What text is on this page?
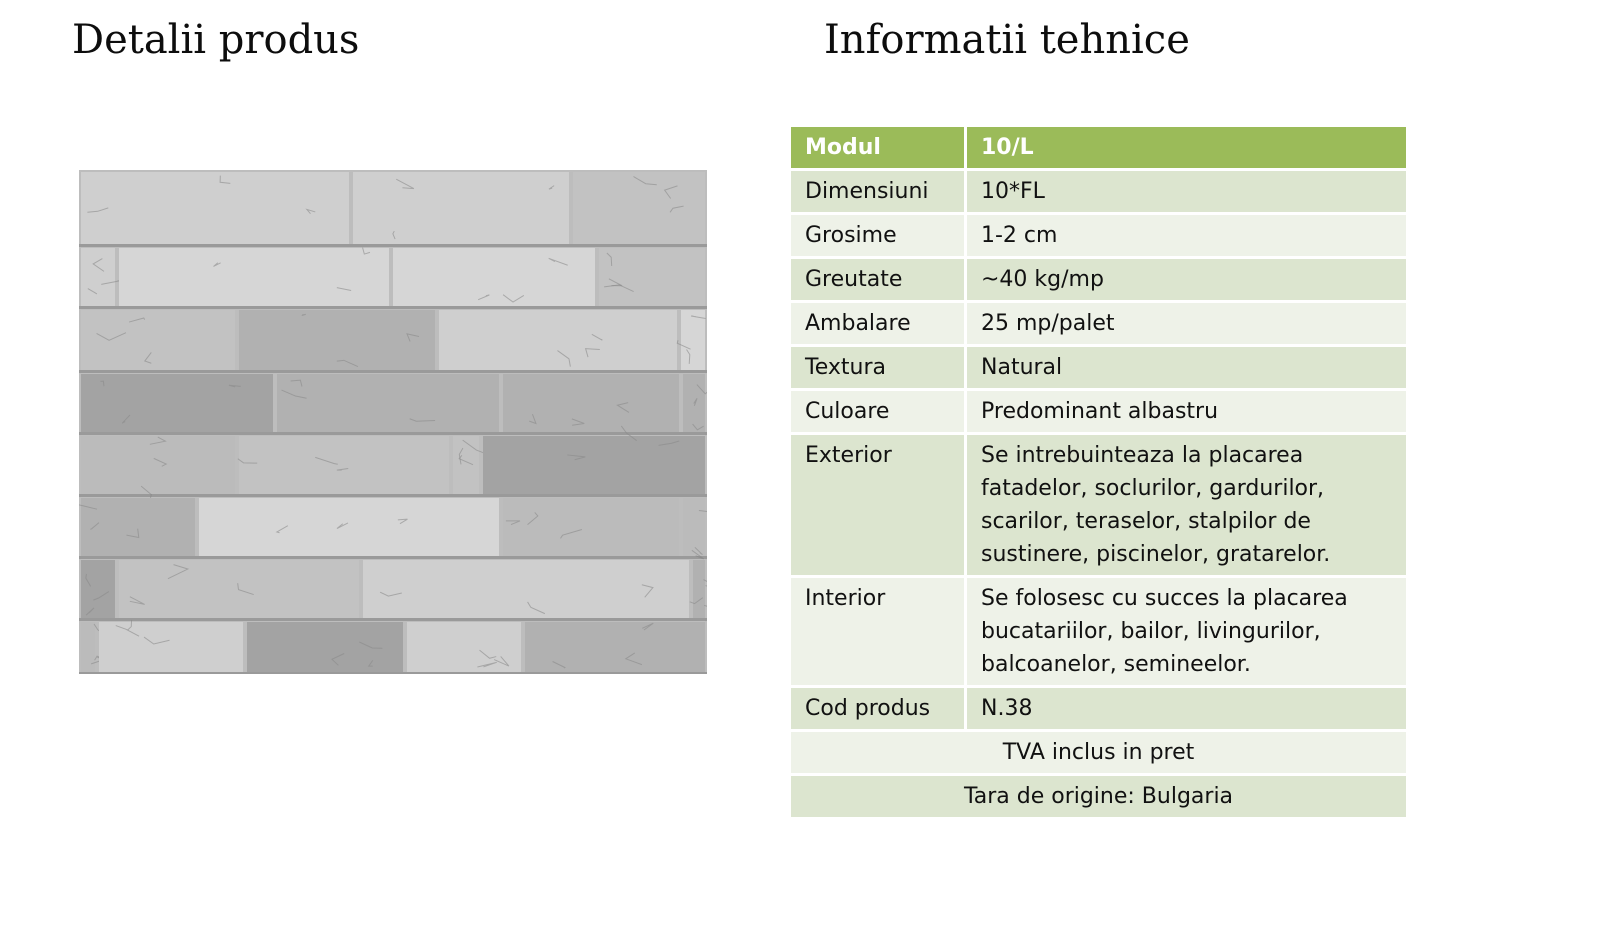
Detalii produs	Informatii tehnice
Modul	10/L
Dimensiuni	10*FL
Grosime	1-2 cm
Greutate	~40 kg/mp
Ambalare	25 mp/palet
Textura	Natural
Culoare	Predominant albastru
Exterior	Se intrebuinteaza la placarea fatadelor, soclurilor, gardurilor, scarilor, teraselor, stalpilor de sustinere, piscinelor, gratarelor.
Interior	Se folosesc cu succes la placarea bucatariilor, bailor, livingurilor, balcoanelor, semineelor.
Cod produs	N.38
TVA inclus in pret	
Tara de origine: Bulgaria	
